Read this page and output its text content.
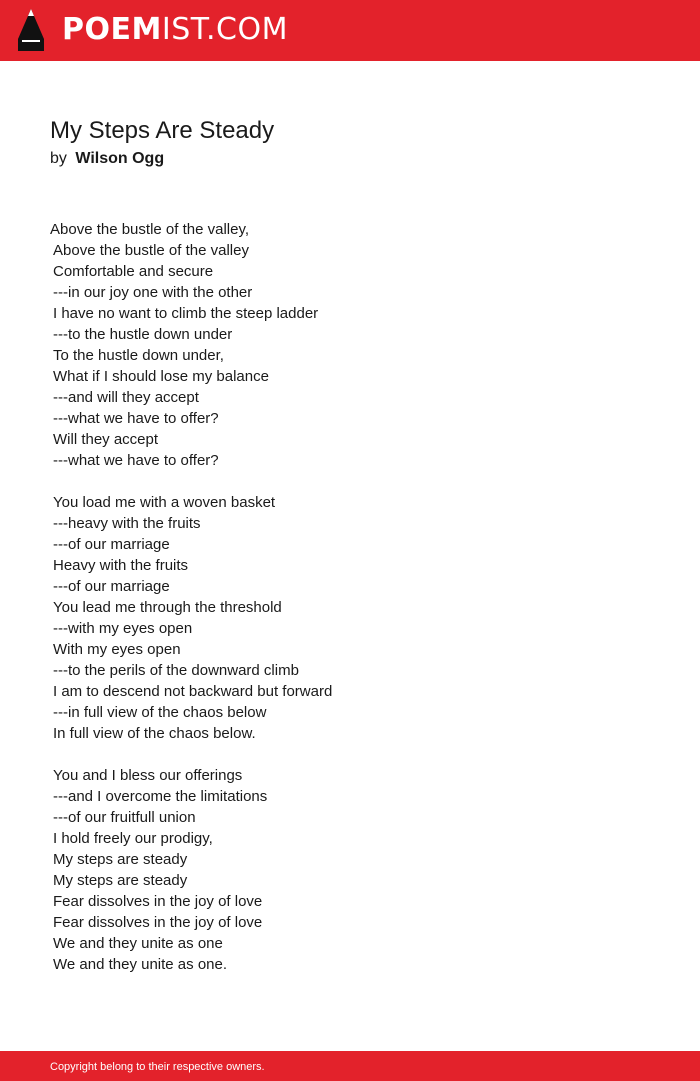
POEMIST.COM
My Steps Are Steady
by Wilson Ogg
Above the bustle of the valley,
Above the bustle of the valley
Comfortable and secure
---in our joy one with the other
I have no want to climb the steep ladder
---to the hustle down under
To the hustle down under,
What if I should lose my balance
---and will they accept
---what we have to offer?
Will they accept
---what we have to offer?
You load me with a woven basket
---heavy with the fruits
---of our marriage
Heavy with the fruits
---of our marriage
You lead me through the threshold
---with my eyes open
With my eyes open
---to the perils of the downward climb
I am to descend not backward but forward
---in full view of the chaos below
In full view of the chaos below.
You and I bless our offerings
---and I overcome the limitations
---of our fruitfull union
I hold freely our prodigy,
My steps are steady
My steps are steady
Fear dissolves in the joy of love
Fear dissolves in the joy of love
We and they unite as one
We and they unite as one.
Copyright belong to their respective owners.
